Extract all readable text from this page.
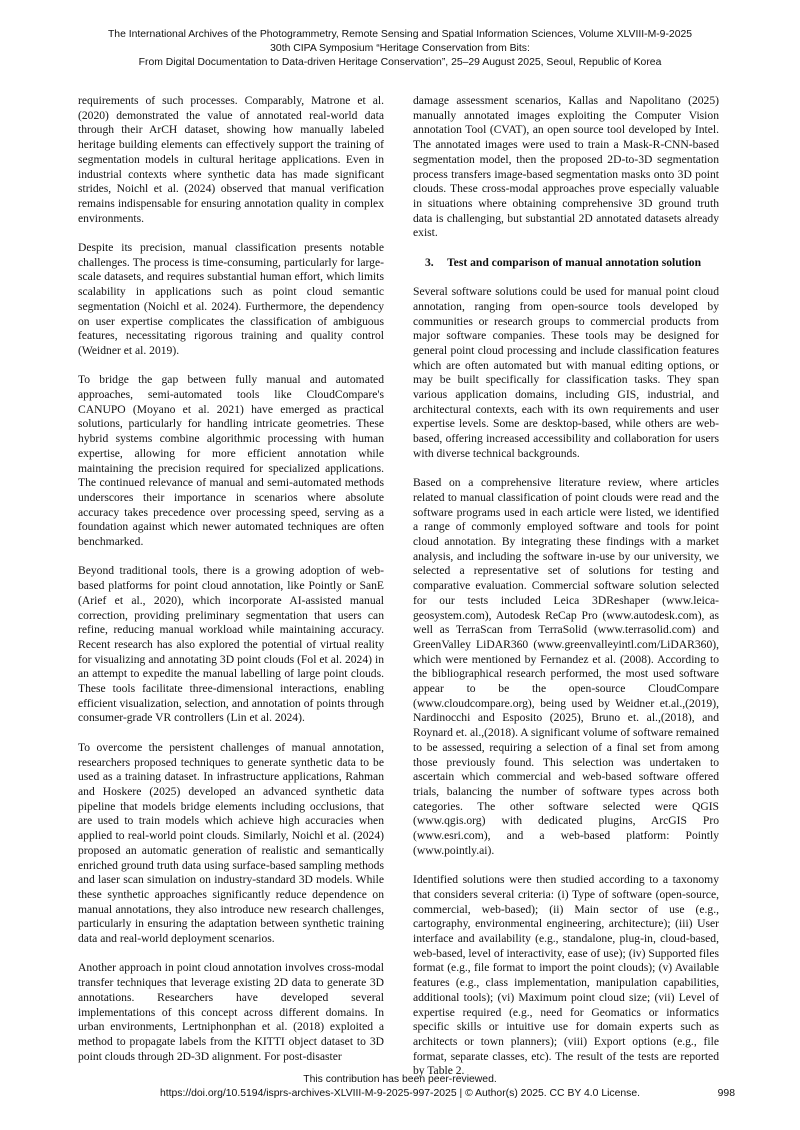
The International Archives of the Photogrammetry, Remote Sensing and Spatial Information Sciences, Volume XLVIII-M-9-2025
30th CIPA Symposium “Heritage Conservation from Bits:
From Digital Documentation to Data-driven Heritage Conservation”, 25–29 August 2025, Seoul, Republic of Korea

requirements of such processes. Comparably, Matrone et al. (2020) demonstrated the value of annotated real-world data through their ArCH dataset, showing how manually labeled heritage building elements can effectively support the training of segmentation models in cultural heritage applications. Even in industrial contexts where synthetic data has made significant strides, Noichl et al. (2024) observed that manual verification remains indispensable for ensuring annotation quality in complex environments.

Despite its precision, manual classification presents notable challenges. The process is time-consuming, particularly for large-scale datasets, and requires substantial human effort, which limits scalability in applications such as point cloud semantic segmentation (Noichl et al. 2024). Furthermore, the dependency on user expertise complicates the classification of ambiguous features, necessitating rigorous training and quality control (Weidner et al. 2019).

To bridge the gap between fully manual and automated approaches, semi-automated tools like CloudCompare's CANUPO (Moyano et al. 2021) have emerged as practical solutions, particularly for handling intricate geometries. These hybrid systems combine algorithmic processing with human expertise, allowing for more efficient annotation while maintaining the precision required for specialized applications. The continued relevance of manual and semi-automated methods underscores their importance in scenarios where absolute accuracy takes precedence over processing speed, serving as a foundation against which newer automated techniques are often benchmarked.

Beyond traditional tools, there is a growing adoption of web-based platforms for point cloud annotation, like Pointly or SanE (Arief et al., 2020), which incorporate AI-assisted manual correction, providing preliminary segmentation that users can refine, reducing manual workload while maintaining accuracy. Recent research has also explored the potential of virtual reality for visualizing and annotating 3D point clouds (Fol et al. 2024) in an attempt to expedite the manual labelling of large point clouds. These tools facilitate three-dimensional interactions, enabling efficient visualization, selection, and annotation of points through consumer-grade VR controllers (Lin et al. 2024).

To overcome the persistent challenges of manual annotation, researchers proposed techniques to generate synthetic data to be used as a training dataset. In infrastructure applications, Rahman and Hoskere (2025) developed an advanced synthetic data pipeline that models bridge elements including occlusions, that are used to train models which achieve high accuracies when applied to real-world point clouds. Similarly, Noichl et al. (2024) proposed an automatic generation of realistic and semantically enriched ground truth data using surface-based sampling methods and laser scan simulation on industry-standard 3D models. While these synthetic approaches significantly reduce dependence on manual annotations, they also introduce new research challenges, particularly in ensuring the adaptation between synthetic training data and real-world deployment scenarios.

Another approach in point cloud annotation involves cross-modal transfer techniques that leverage existing 2D data to generate 3D annotations. Researchers have developed several implementations of this concept across different domains. In urban environments, Lertniphonphan et al. (2018) exploited a method to propagate labels from the KITTI object dataset to 3D point clouds through 2D-3D alignment. For post-disaster

damage assessment scenarios, Kallas and Napolitano (2025) manually annotated images exploiting the Computer Vision annotation Tool (CVAT), an open source tool developed by Intel. The annotated images were used to train a Mask-R-CNN-based segmentation model, then the proposed 2D-to-3D segmentation process transfers image-based segmentation masks onto 3D point clouds. These cross-modal approaches prove especially valuable in situations where obtaining comprehensive 3D ground truth data is challenging, but substantial 2D annotated datasets already exist.

3. Test and comparison of manual annotation solution

Several software solutions could be used for manual point cloud annotation, ranging from open-source tools developed by communities or research groups to commercial products from major software companies. These tools may be designed for general point cloud processing and include classification features which are often automated but with manual editing options, or may be built specifically for classification tasks. They span various application domains, including GIS, industrial, and architectural contexts, each with its own requirements and user expertise levels. Some are desktop-based, while others are web-based, offering increased accessibility and collaboration for users with diverse technical backgrounds.

Based on a comprehensive literature review, where articles related to manual classification of point clouds were read and the software programs used in each article were listed, we identified a range of commonly employed software and tools for point cloud annotation. By integrating these findings with a market analysis, and including the software in-use by our university, we selected a representative set of solutions for testing and comparative evaluation. Commercial software solution selected for our tests included Leica 3DReshaper (www.leica-geosystem.com), Autodesk ReCap Pro (www.autodesk.com), as well as TerraScan from TerraSolid (www.terrasolid.com) and GreenValley LiDAR360 (www.greenvalleyintl.com/LiDAR360), which were mentioned by Fernandez et al. (2008). According to the bibliographical research performed, the most used software appear to be the open-source CloudCompare (www.cloudcompare.org), being used by Weidner et.al.,(2019), Nardinocchi and Esposito (2025), Bruno et. al.,(2018), and Roynard et. al.,(2018). A significant volume of software remained to be assessed, requiring a selection of a final set from among those previously found. This selection was undertaken to ascertain which commercial and web-based software offered trials, balancing the number of software types across both categories. The other software selected were QGIS (www.qgis.org) with dedicated plugins, ArcGIS Pro (www.esri.com), and a web-based platform: Pointly (www.pointly.ai).

Identified solutions were then studied according to a taxonomy that considers several criteria: (i) Type of software (open-source, commercial, web-based); (ii) Main sector of use (e.g., cartography, environmental engineering, architecture); (iii) User interface and availability (e.g., standalone, plug-in, cloud-based, web-based, level of interactivity, ease of use); (iv) Supported files format (e.g., file format to import the point clouds); (v) Available features (e.g., class implementation, manipulation capabilities, additional tools); (vi) Maximum point cloud size; (vii) Level of expertise required (e.g., need for Geomatics or informatics specific skills or intuitive use for domain experts such as architects or town planners); (viii) Export options (e.g., file format, separate classes, etc). The result of the tests are reported by Table 2.

This contribution has been peer-reviewed.
https://doi.org/10.5194/isprs-archives-XLVIII-M-9-2025-997-2025 | © Author(s) 2025. CC BY 4.0 License.	998
